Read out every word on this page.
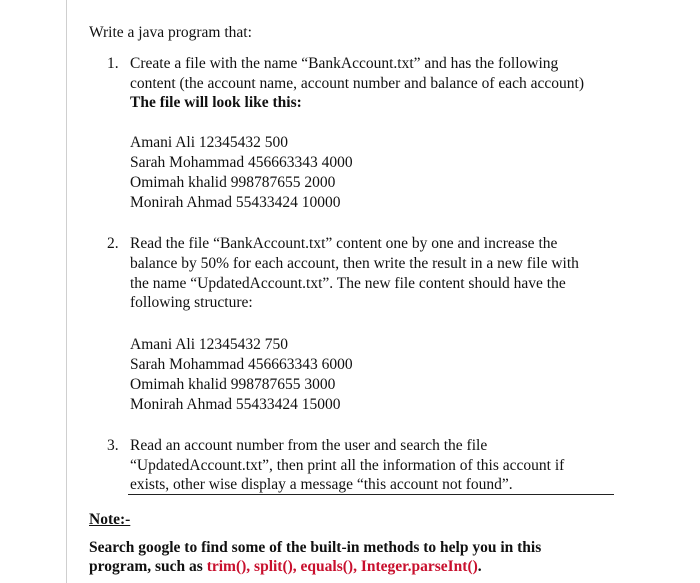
Write a java program that:

1. Create a file with the name “BankAccount.txt” and has the following

content (the account name, account number and balance of each account)

The file will look like this:

Amani Ali 12345432 500

Sarah Mohammad 456663343 4000

Omimah khalid 998787655 2000

Monirah Ahmad 55433424 10000

2. Read the file “BankAccount.txt” content one by one and increase the

balance by 50% for each account, then write the result in a new file with

the name “UpdatedAccount.txt”. The new file content should have the

following structure:

Amani Ali 12345432 750

Sarah Mohammad 456663343 6000

Omimah khalid 998787655 3000

Monirah Ahmad 55433424 15000

3. Read an account number from the user and search the file

“UpdatedAccount.txt”, then print all the information of this account if

exists, other wise display a message “this account not found”.

Note:-

Search google to find some of the built-in methods to help you in this

program, such as trim(), split(), equals(), Integer.parseInt().
